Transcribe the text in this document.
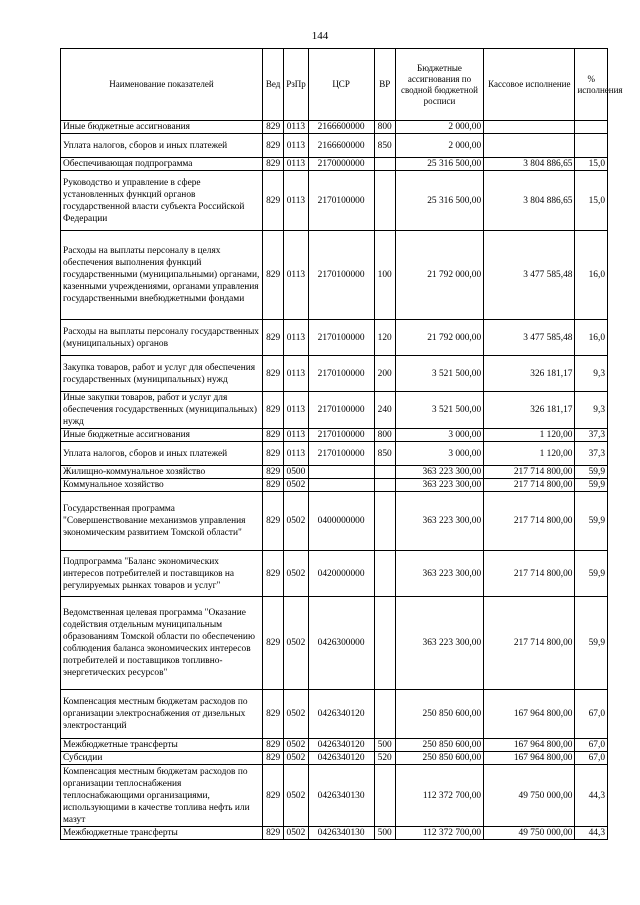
144
Наименование показателей	Вед	РзПр	ЦСР	ВР	Бюджетные ассигнования по сводной бюджетной росписи	Кассовое исполнение	% исполнения
Иные бюджетные ассигнования	829	0113	2166600000	800	2 000,00		
Уплата налогов, сборов и иных платежей	829	0113	2166600000	850	2 000,00		
Обеспечивающая подпрограмма	829	0113	2170000000		25 316 500,00	3 804 886,65	15,0
Руководство и управление в сфере установленных функций органов государственной власти субъекта Российской Федерации	829	0113	2170100000		25 316 500,00	3 804 886,65	15,0
Расходы на выплаты персоналу в целях обеспечения выполнения функций государственными (муниципальными) органами, казенными учреждениями, органами управления государственными внебюджетными фондами	829	0113	2170100000	100	21 792 000,00	3 477 585,48	16,0
Расходы на выплаты персоналу государственных (муниципальных) органов	829	0113	2170100000	120	21 792 000,00	3 477 585,48	16,0
Закупка товаров, работ и услуг для обеспечения государственных (муниципальных) нужд	829	0113	2170100000	200	3 521 500,00	326 181,17	9,3
Иные закупки товаров, работ и услуг для обеспечения государственных (муниципальных) нужд	829	0113	2170100000	240	3 521 500,00	326 181,17	9,3
Иные бюджетные ассигнования	829	0113	2170100000	800	3 000,00	1 120,00	37,3
Уплата налогов, сборов и иных платежей	829	0113	2170100000	850	3 000,00	1 120,00	37,3
Жилищно-коммунальное хозяйство	829	0500			363 223 300,00	217 714 800,00	59,9
Коммунальное хозяйство	829	0502			363 223 300,00	217 714 800,00	59,9
Государственная программа "Совершенствование механизмов управления экономическим развитием Томской области"	829	0502	0400000000		363 223 300,00	217 714 800,00	59,9
Подпрограмма "Баланс экономических интересов потребителей и поставщиков на регулируемых рынках товаров и услуг"	829	0502	0420000000		363 223 300,00	217 714 800,00	59,9
Ведомственная целевая программа "Оказание содействия отдельным муниципальным образованиям Томской области по обеспечению соблюдения баланса экономических интересов потребителей и поставщиков топливно-энергетических ресурсов"	829	0502	0426300000		363 223 300,00	217 714 800,00	59,9
Компенсация местным бюджетам расходов по организации электроснабжения от дизельных электростанций	829	0502	0426340120		250 850 600,00	167 964 800,00	67,0
Межбюджетные трансферты	829	0502	0426340120	500	250 850 600,00	167 964 800,00	67,0
Субсидии	829	0502	0426340120	520	250 850 600,00	167 964 800,00	67,0
Компенсация местным бюджетам расходов по организации теплоснабжения теплоснабжающими организациями, использующими в качестве топлива нефть или мазут	829	0502	0426340130		112 372 700,00	49 750 000,00	44,3
Межбюджетные трансферты	829	0502	0426340130	500	112 372 700,00	49 750 000,00	44,3
